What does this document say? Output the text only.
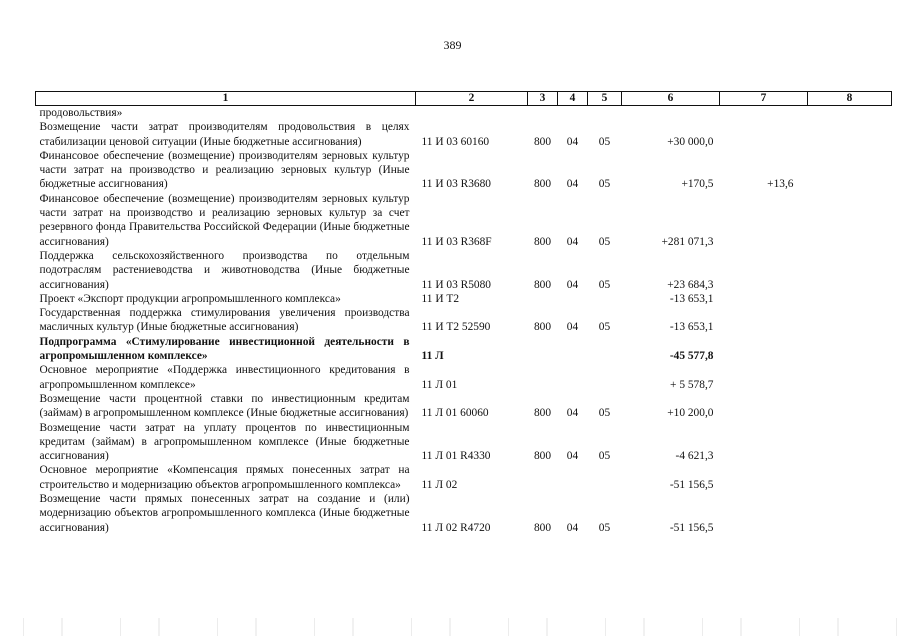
389
1	2	3	4	5	6	7	8
продовольствия»							
Возмещение части затрат производителям продовольствия в целях стабилизации ценовой ситуации (Иные бюджетные ассигнования)	11 И 03 60160	800	04	05	+30 000,0		
Финансовое обеспечение (возмещение) производителям зерновых культур части затрат на производство и реализацию зерновых культур (Иные бюджетные ассигнования)	11 И 03 R3680	800	04	05	+170,5	+13,6	
Финансовое обеспечение (возмещение) производителям зерновых культур части затрат на производство и реализацию зерновых культур за счет резервного фонда Правительства Российской Федерации (Иные бюджетные ассигнования)	11 И 03 R368F	800	04	05	+281 071,3		
Поддержка сельскохозяйственного производства по отдельным подотраслям растениеводства и животноводства (Иные бюджетные ассигнования)	11 И 03 R5080	800	04	05	+23 684,3		
Проект «Экспорт продукции агропромышленного комплекса»	11 И Т2				-13 653,1		
Государственная поддержка стимулирования увеличения производства масличных культур (Иные бюджетные ассигнования)	11 И Т2 52590	800	04	05	-13 653,1		
Подпрограмма «Стимулирование инвестиционной деятельности в агропромышленном комплексе»	11 Л				-45 577,8		
Основное мероприятие «Поддержка инвестиционного кредитования в агропромышленном комплексе»	11 Л 01				+ 5 578,7		
Возмещение части процентной ставки по инвестиционным кредитам (займам) в агропромышленном комплексе (Иные бюджетные ассигнования)	11 Л 01 60060	800	04	05	+10 200,0		
Возмещение части затрат на уплату процентов по инвестиционным кредитам (займам) в агропромышленном комплексе (Иные бюджетные ассигнования)	11 Л 01 R4330	800	04	05	-4 621,3		
Основное мероприятие «Компенсация прямых понесенных затрат на строительство и модернизацию объектов агропромышленного комплекса»	11 Л 02				-51 156,5		
Возмещение части прямых понесенных затрат на создание и (или) модернизацию объектов агропромышленного комплекса (Иные бюджетные ассигнования)	11 Л 02 R4720	800	04	05	-51 156,5		
